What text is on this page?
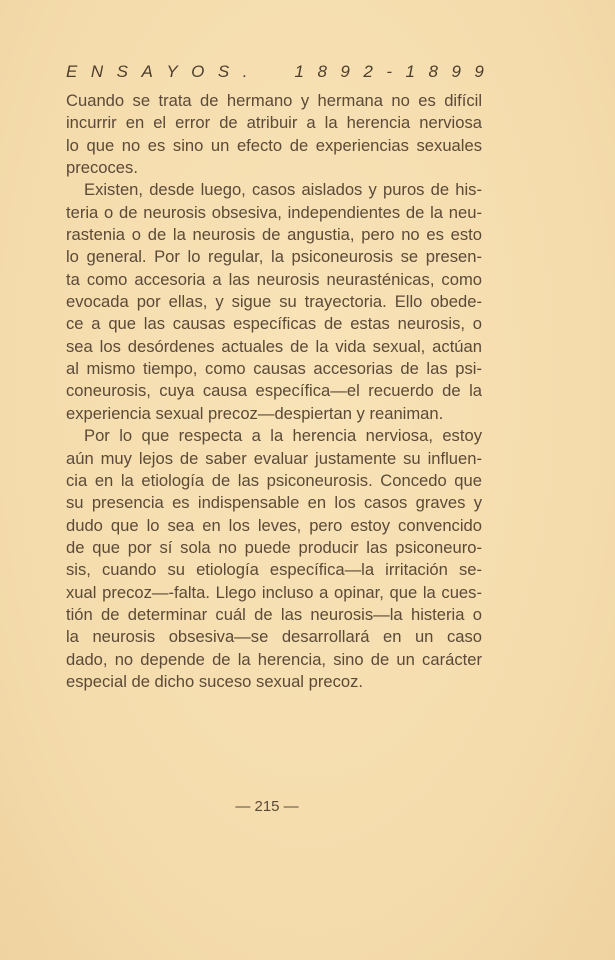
E N S A Y O S .	1 8 9 2 - 1 8 9 9
Cuando se trata de hermano y hermana no es difícil
incurrir en el error de atribuir a la herencia nerviosa
lo que no es sino un efecto de experiencias sexuales
precoces.
Existen, desde luego, casos aislados y puros de his-
teria o de neurosis obsesiva, independientes de la neu-
rastenia o de la neurosis de angustia, pero no es esto
lo general. Por lo regular, la psiconeurosis se presen-
ta como accesoria a las neurosis neurasténicas, como
evocada por ellas, y sigue su trayectoria. Ello obede-
ce a que las causas específicas de estas neurosis, o
sea los desórdenes actuales de la vida sexual, actúan
al mismo tiempo, como causas accesorias de las psi-
coneurosis, cuya causa específica—el recuerdo de la
experiencia sexual precoz—despiertan y reaniman.
Por lo que respecta a la herencia nerviosa, estoy
aún muy lejos de saber evaluar justamente su influen-
cia en la etiología de las psiconeurosis. Concedo que
su presencia es indispensable en los casos graves y
dudo que lo sea en los leves, pero estoy convencido
de que por sí sola no puede producir las psiconeuro-
sis, cuando su etiología específica—la irritación se-
xual precoz—-falta. Llego incluso a opinar, que la cues-
tión de determinar cuál de las neurosis—la histeria o
la neurosis obsesiva—se desarrollará en un caso
dado, no depende de la herencia, sino de un carácter
especial de dicho suceso sexual precoz.
— 215 —
